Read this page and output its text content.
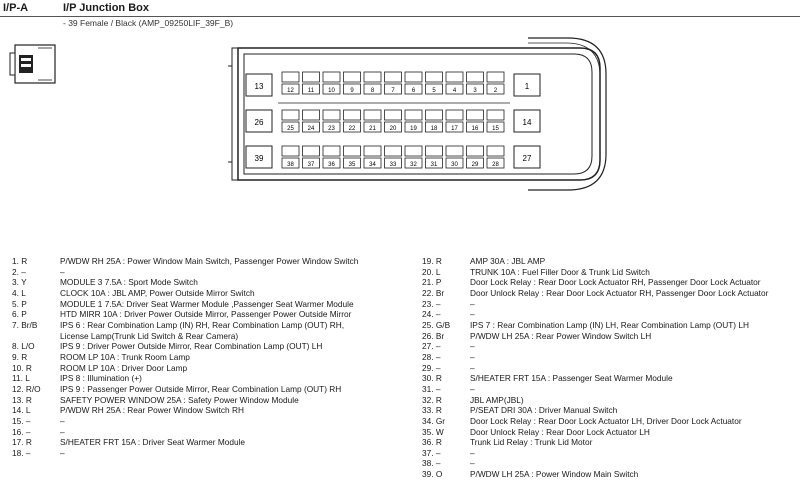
I/P-A	I/P Junction Box
- 39 Female / Black (AMP_09250LIF_39F_B)
13
26
39
1
14
27
12 11 10	9	8	7	6	5	4	3	2
25 24 23 22 21 20 19 18 17 16 15
38 37 36 35 34 33 32 31 30 29 28
1. R	P/WDW RH 25A : Power Window Main Switch, Passenger Power Window Switch
2. –	–
3. Y	MODULE 3 7.5A : Sport Mode Switch
4. L	CLOCK 10A : JBL AMP, Power Outside Mirror Switch
5. P	MODULE 1 7.5A: Driver Seat Warmer Module ,Passenger Seat Warmer Module
6. P	HTD MIRR 10A : Driver Power Outside Mirror, Passenger Power Outside Mirror
7. Br/B	IPS 6 : Rear Combination Lamp (IN) RH, Rear Combination Lamp (OUT) RH,
License Lamp(Trunk Lid Switch & Rear Camera)
8. L/O	IPS 9 : Driver Power Outside Mirror, Rear Combination Lamp (OUT) LH
9. R	ROOM LP 10A : Trunk Room Lamp
10. R	ROOM LP 10A : Driver Door Lamp
11. L	IPS 8 : Illumination (+)
12. R/O	IPS 9 : Passenger Power Outside Mirror, Rear Combination Lamp (OUT) RH
13. R	SAFETY POWER WINDOW 25A : Safety Power Window Module
14. L	P/WDW RH 25A : Rear Power Window Switch RH
15. –	–
16. –	–
17. R	S/HEATER FRT 15A : Driver Seat Warmer Module
18. –	–
19. R	AMP 30A : JBL AMP
20. L	TRUNK 10A : Fuel Filler Door & Trunk Lid Switch
21. P	Door Lock Relay : Rear Door Lock Actuator RH, Passenger Door Lock Actuator
22. Br	Door Unlock Relay : Rear Door Lock Actuator RH, Passenger Door Lock Actuator
23. –	–
24. –	–
25. G/B	IPS 7 : Rear Combination Lamp (IN) LH, Rear Combination Lamp (OUT) LH
26. Br	P/WDW LH 25A : Rear Power Window Switch LH
27. –	–
28. –	–
29. –	–
30. R	S/HEATER FRT 15A : Passenger Seat Warmer Module
31. –	–
32. R	JBL AMP(JBL)
33. R	P/SEAT DRI 30A : Driver Manual Switch
34. Gr	Door Lock Relay : Rear Door Lock Actuator LH, Driver Door Lock Actuator
35. W	Door Unlock Relay : Rear Door Lock Actuator LH
36. R	Trunk Lid Relay : Trunk Lid Motor
37. –	–
38. –	–
39. O	P/WDW LH 25A : Power Window Main Switch
